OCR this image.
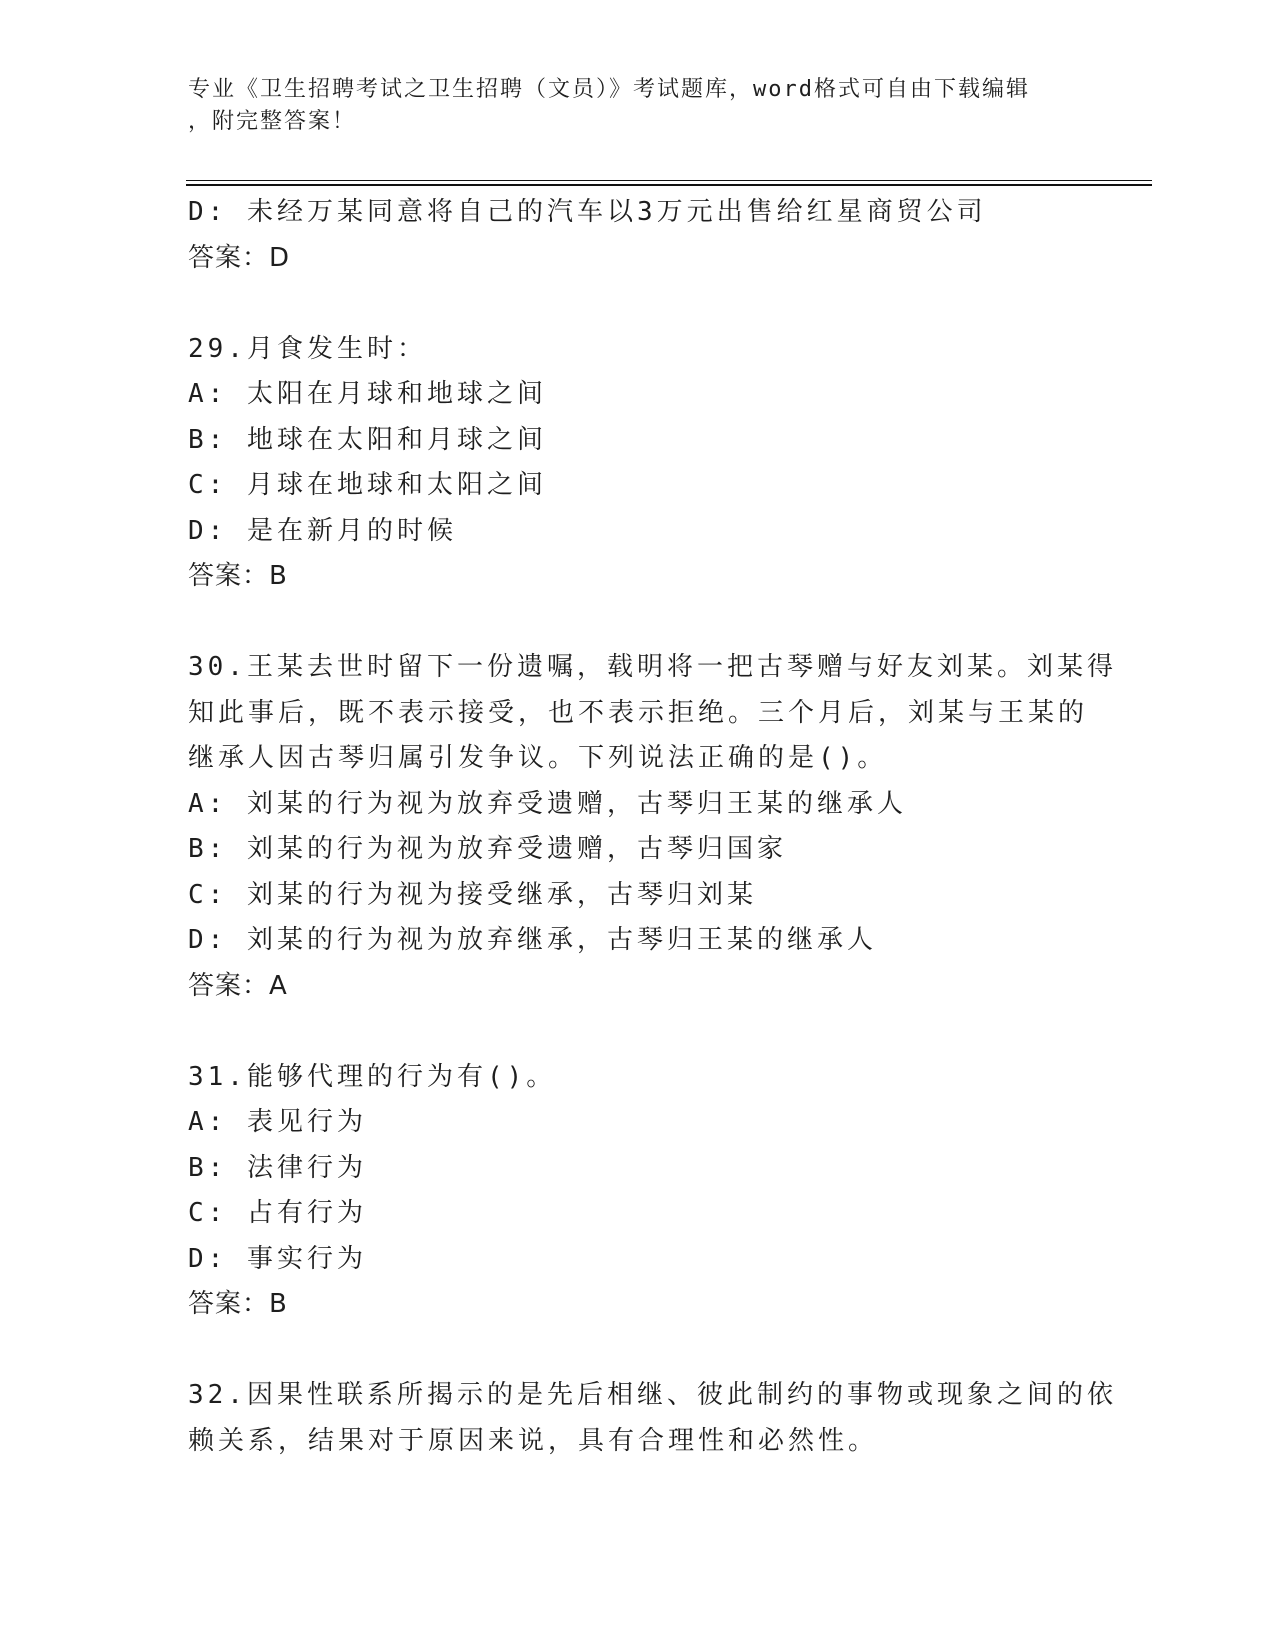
专业《卫生招聘考试之卫生招聘（文员）》考试题库，word格式可自由下载编辑
，附完整答案！
D: 未经万某同意将自己的汽车以3万元出售给红星商贸公司
答案：D
29.月食发生时：
A: 太阳在月球和地球之间
B: 地球在太阳和月球之间
C: 月球在地球和太阳之间
D: 是在新月的时候
答案：B
30.王某去世时留下一份遗嘱，载明将一把古琴赠与好友刘某。刘某得
知此事后，既不表示接受，也不表示拒绝。三个月后，刘某与王某的
继承人因古琴归属引发争议。下列说法正确的是()。
A: 刘某的行为视为放弃受遗赠，古琴归王某的继承人
B: 刘某的行为视为放弃受遗赠，古琴归国家
C: 刘某的行为视为接受继承，古琴归刘某
D: 刘某的行为视为放弃继承，古琴归王某的继承人
答案：A
31.能够代理的行为有()。
A: 表见行为
B: 法律行为
C: 占有行为
D: 事实行为
答案：B
32.因果性联系所揭示的是先后相继、彼此制约的事物或现象之间的依
赖关系，结果对于原因来说，具有合理性和必然性。
